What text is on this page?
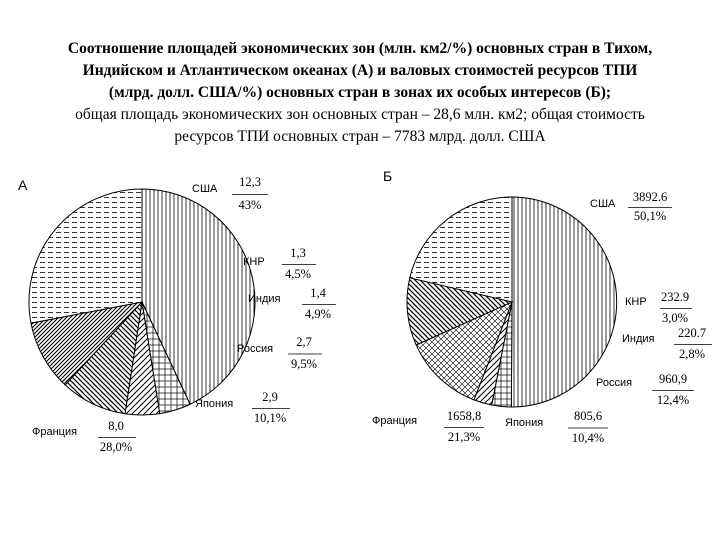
Соотношение площадей экономических зон (млн. км2/%) основных стран в Тихом,
Индийском и Атлантическом океанах (А) и валовых стоимостей ресурсов ТПИ
(млрд. долл. США/%) основных стран в зонах их особых интересов (Б);
общая площадь экономических зон основных стран – 28,6 млн. км2; общая стоимость
ресурсов ТПИ основных стран – 7783 млрд. долл. США
А
Б
США 12,3
43%
КНР
1,3
4,5%
Индия 1,4
4,9%
Россия 2,7
9,5%
Япония 2,9
10,1%
Франция 8,0
28,0%
США 3892.6
50,1%
КНР 232.9
3,0%
Индия 220.7
2,8%
Россия 960,9
12,4%
Япония 805,6
10,4%
Франция 1658,8
21,3%
